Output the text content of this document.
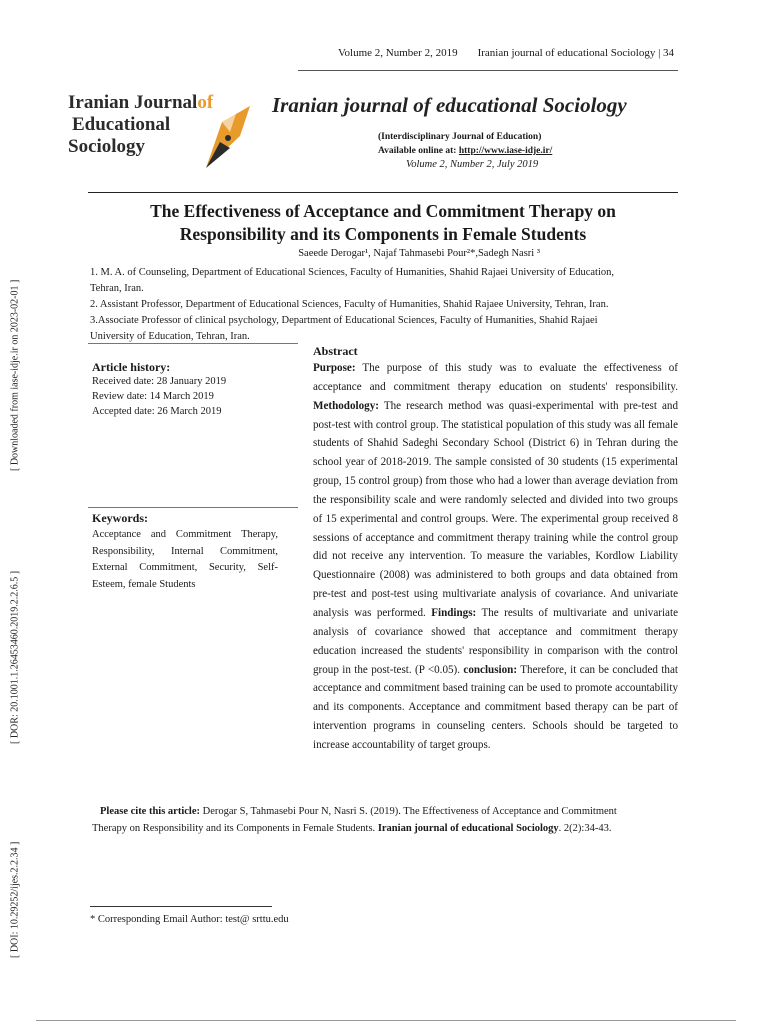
[ Downloaded from iase-idje.ir on 2023-02-01 ]
[ DOR: 20.1001.1.26453460.2019.2.2.6.5 ]
[ DOI: 10.29252/ijes.2.2.34 ]
Volume 2, Number 2, 2019 Iranian journal of educational Sociology | 34
Iranian Journalof
Educational
Sociology
Iranian journal of educational Sociology
(Interdisciplinary Journal of Education)
Available online at: http://www.iase-idje.ir/
Volume 2, Number 2, July 2019
The Effectiveness of Acceptance and Commitment Therapy on
Responsibility and its Components in Female Students
Saeede Derogar¹, Najaf Tahmasebi Pour²*,Sadegh Nasri ³
1. M. A. of Counseling, Department of Educational Sciences, Faculty of Humanities, Shahid Rajaei University of Education,
Tehran, Iran.
2. Assistant Professor, Department of Educational Sciences, Faculty of Humanities, Shahid Rajaee University, Tehran, Iran.
3.Associate Professor of clinical psychology, Department of Educational Sciences, Faculty of Humanities, Shahid Rajaei
University of Education, Tehran, Iran.
Article history:
Received date: 28 January 2019
Review date: 14 March 2019
Accepted date: 26 March 2019
Keywords:
Acceptance and Commitment Therapy, Responsibility, Internal Commitment, External Commitment, Security, Self-Esteem, female Students
Abstract
Purpose: The purpose of this study was to evaluate the effectiveness of acceptance and commitment therapy education on students' responsibility. Methodology: The research method was quasi-experimental with pre-test and post-test with control group. The statistical population of this study was all female students of Shahid Sadeghi Secondary School (District 6) in Tehran during the school year of 2018-2019. The sample consisted of 30 students (15 experimental group, 15 control group) from those who had a lower than average deviation from the responsibility scale and were randomly selected and divided into two groups of 15 experimental and control groups. Were. The experimental group received 8 sessions of acceptance and commitment therapy training while the control group did not receive any intervention. To measure the variables, Kordlow Liability Questionnaire (2008) was administered to both groups and data obtained from pre-test and post-test using multivariate analysis of covariance. And univariate analysis was performed. Findings: The results of multivariate and univariate analysis of covariance showed that acceptance and commitment therapy education increased the students' responsibility in comparison with the control group in the post-test. (P <0.05). conclusion: Therefore, it can be concluded that acceptance and commitment based training can be used to promote accountability and its components. Acceptance and commitment based therapy can be part of intervention programs in counseling centers. Schools should be targeted to increase accountability of target groups.
Please cite this article: Derogar S, Tahmasebi Pour N, Nasri S. (2019). The Effectiveness of Acceptance and Commitment
Therapy on Responsibility and its Components in Female Students. Iranian journal of educational Sociology. 2(2):34-43.
* Corresponding Email Author: test@ srttu.edu
